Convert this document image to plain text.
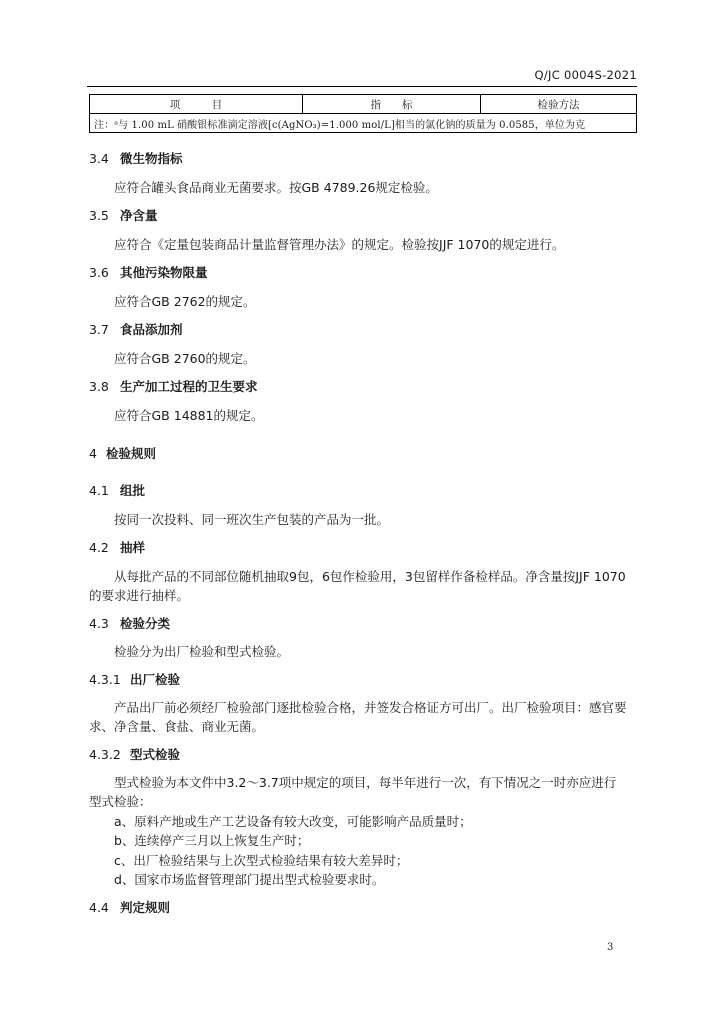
Q/JC 0004S-2021
项　　　目	指　　标	检验方法
注：ᵃ与 1.00 mL 硝酸银标准滴定溶液[c(AgNO₃)=1.000 mol/L]相当的氯化钠的质量为 0.0585，单位为克
3.4 微生物指标
应符合罐头食品商业无菌要求。按GB 4789.26规定检验。
3.5 净含量
应符合《定量包装商品计量监督管理办法》的规定。检验按JJF 1070的规定进行。
3.6 其他污染物限量
应符合GB 2762的规定。
3.7 食品添加剂
应符合GB 2760的规定。
3.8 生产加工过程的卫生要求
应符合GB 14881的规定。
4 检验规则
4.1 组批
按同一次投料、同一班次生产包装的产品为一批。
4.2 抽样
从每批产品的不同部位随机抽取9包，6包作检验用，3包留样作备检样品。净含量按JJF 1070
的要求进行抽样。
4.3 检验分类
检验分为出厂检验和型式检验。
4.3.1 出厂检验
产品出厂前必须经厂检验部门逐批检验合格，并签发合格证方可出厂。出厂检验项目：感官要
求、净含量、食盐、商业无菌。
4.3.2 型式检验
型式检验为本文件中3.2～3.7项中规定的项目，每半年进行一次，有下情况之一时亦应进行
型式检验：
a、原料产地或生产工艺设备有较大改变，可能影响产品质量时；
b、连续停产三月以上恢复生产时；
c、出厂检验结果与上次型式检验结果有较大差异时；
d、国家市场监督管理部门提出型式检验要求时。
4.4 判定规则
3
